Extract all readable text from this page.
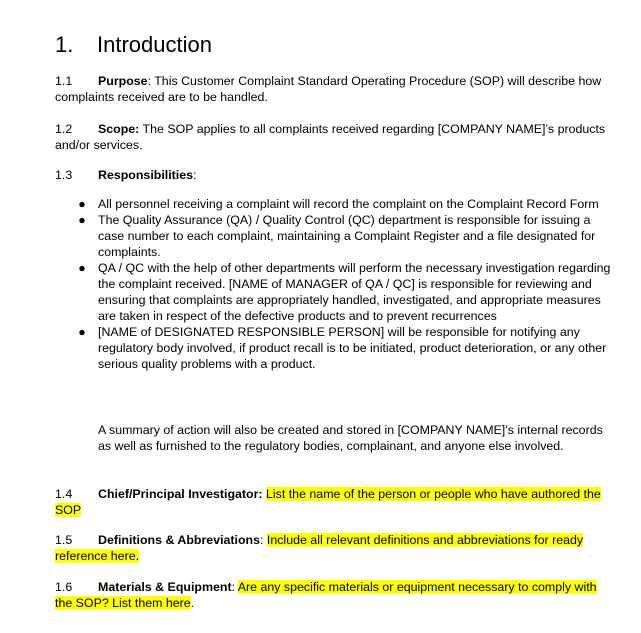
1. Introduction
1.1 Purpose: This Customer Complaint Standard Operating Procedure (SOP) will describe how complaints received are to be handled.
1.2 Scope: The SOP applies to all complaints received regarding [COMPANY NAME]’s products and/or services.
1.3 Responsibilities:
● All personnel receiving a complaint will record the complaint on the Complaint Record Form
● The Quality Assurance (QA) / Quality Control (QC) department is responsible for issuing a case number to each complaint, maintaining a Complaint Register and a file designated for complaints.
● QA / QC with the help of other departments will perform the necessary investigation regarding the complaint received. [NAME of MANAGER of QA / QC] is responsible for reviewing and ensuring that complaints are appropriately handled, investigated, and appropriate measures are taken in respect of the defective products and to prevent recurrences
● [NAME of DESIGNATED RESPONSIBLE PERSON] will be responsible for notifying any regulatory body involved, if product recall is to be initiated, product deterioration, or any other serious quality problems with a product.
A summary of action will also be created and stored in [COMPANY NAME]’s internal records as well as furnished to the regulatory bodies, complainant, and anyone else involved.
1.4 Chief/Principal Investigator: List the name of the person or people who have authored the SOP
1.5 Definitions & Abbreviations: Include all relevant definitions and abbreviations for ready reference here.
1.6 Materials & Equipment: Are any specific materials or equipment necessary to comply with the SOP? List them here.
